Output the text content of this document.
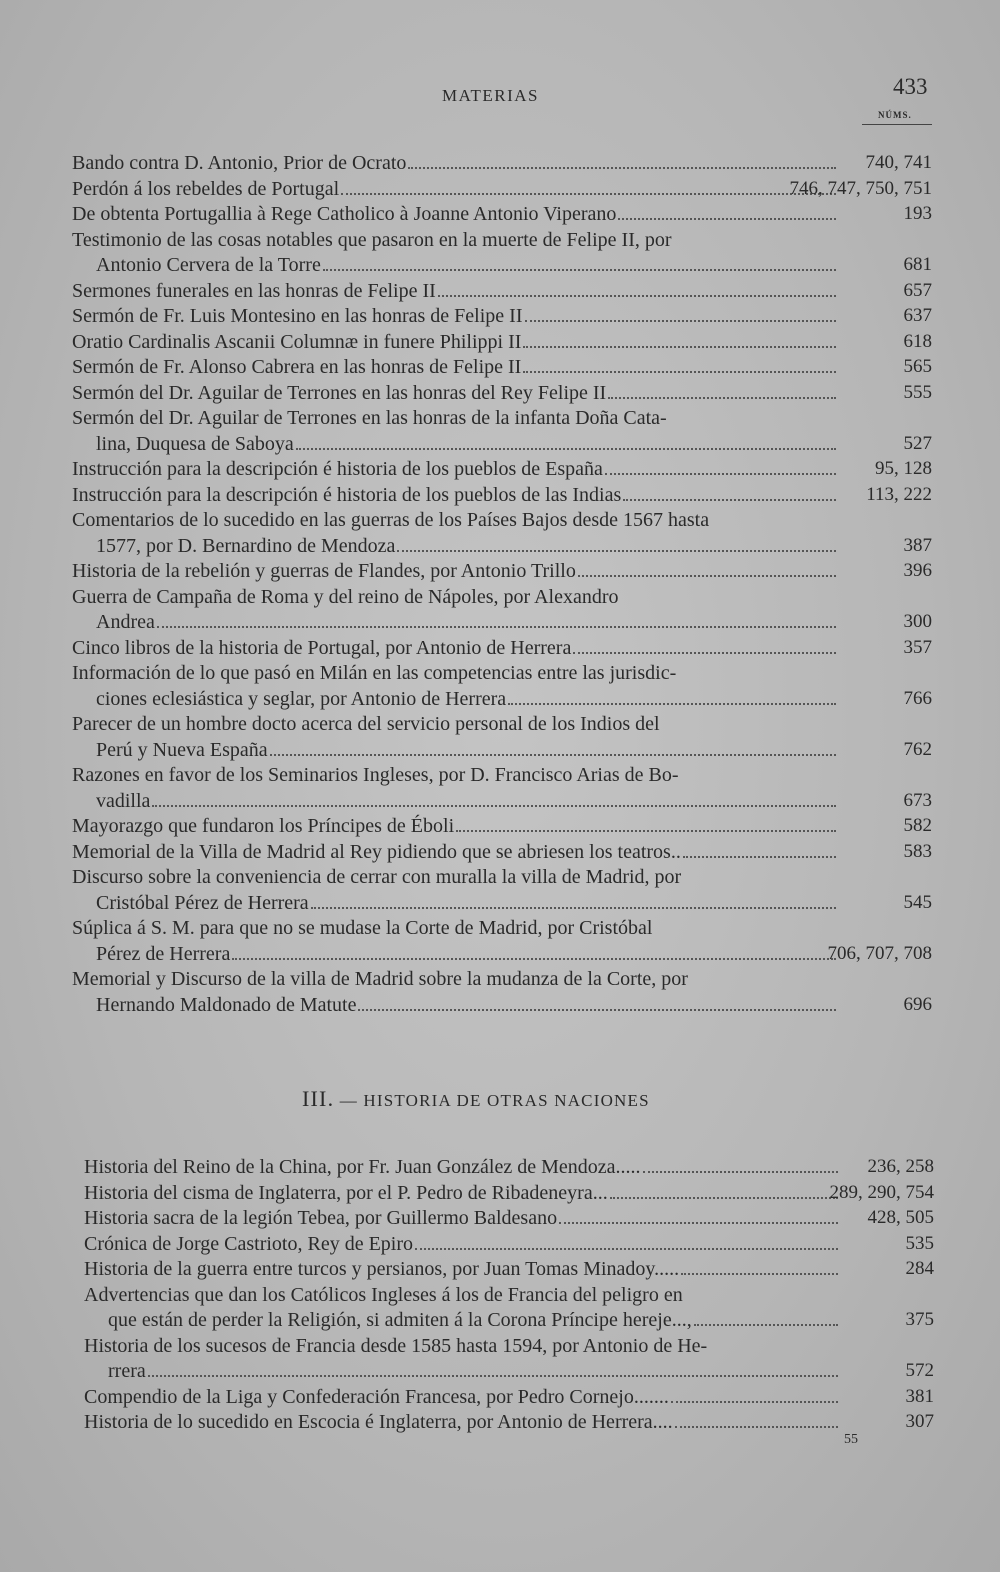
MATERIAS	433
NÚMS.
Bando contra D. Antonio, Prior de Ocrato	740, 741
Perdón á los rebeldes de Portugal	746, 747, 750, 751
De obtenta Portugallia à Rege Catholico à Joanne Antonio Viperano	193
Testimonio de las cosas notables que pasaron en la muerte de Felipe II, por
Antonio Cervera de la Torre	681
Sermones funerales en las honras de Felipe II	657
Sermón de Fr. Luis Montesino en las honras de Felipe II	637
Oratio Cardinalis Ascanii Columnæ in funere Philippi II	618
Sermón de Fr. Alonso Cabrera en las honras de Felipe II	565
Sermón del Dr. Aguilar de Terrones en las honras del Rey Felipe II	555
Sermón del Dr. Aguilar de Terrones en las honras de la infanta Doña Cata-
lina, Duquesa de Saboya	527
Instrucción para la descripción é historia de los pueblos de España	95, 128
Instrucción para la descripción é historia de los pueblos de las Indias	113, 222
Comentarios de lo sucedido en las guerras de los Países Bajos desde 1567 hasta
1577, por D. Bernardino de Mendoza	387
Historia de la rebelión y guerras de Flandes, por Antonio Trillo	396
Guerra de Campaña de Roma y del reino de Nápoles, por Alexandro
Andrea	300
Cinco libros de la historia de Portugal, por Antonio de Herrera	357
Información de lo que pasó en Milán en las competencias entre las jurisdic-
ciones eclesiástica y seglar, por Antonio de Herrera	766
Parecer de un hombre docto acerca del servicio personal de los Indios del
Perú y Nueva España	762
Razones en favor de los Seminarios Ingleses, por D. Francisco Arias de Bo-
vadilla	673
Mayorazgo que fundaron los Príncipes de Éboli	582
Memorial de la Villa de Madrid al Rey pidiendo que se abriesen los teatros..	583
Discurso sobre la conveniencia de cerrar con muralla la villa de Madrid, por
Cristóbal Pérez de Herrera	545
Súplica á S. M. para que no se mudase la Corte de Madrid, por Cristóbal
Pérez de Herrera	706, 707, 708
Memorial y Discurso de la villa de Madrid sobre la mudanza de la Corte, por
Hernando Maldonado de Matute	696
III. — HISTORIA DE OTRAS NACIONES
Historia del Reino de la China, por Fr. Juan González de Mendoza.....	236, 258
Historia del cisma de Inglaterra, por el P. Pedro de Ribadeneyra...	289, 290, 754
Historia sacra de la legión Tebea, por Guillermo Baldesano	428, 505
Crónica de Jorge Castrioto, Rey de Epiro	535
Historia de la guerra entre turcos y persianos, por Juan Tomas Minadoy.....	284
Advertencias que dan los Católicos Ingleses á los de Francia del peligro en
que están de perder la Religión, si admiten á la Corona Príncipe hereje...,	375
Historia de los sucesos de Francia desde 1585 hasta 1594, por Antonio de He-
rrera	572
Compendio de la Liga y Confederación Francesa, por Pedro Cornejo.......	381
Historia de lo sucedido en Escocia é Inglaterra, por Antonio de Herrera....	307
55
